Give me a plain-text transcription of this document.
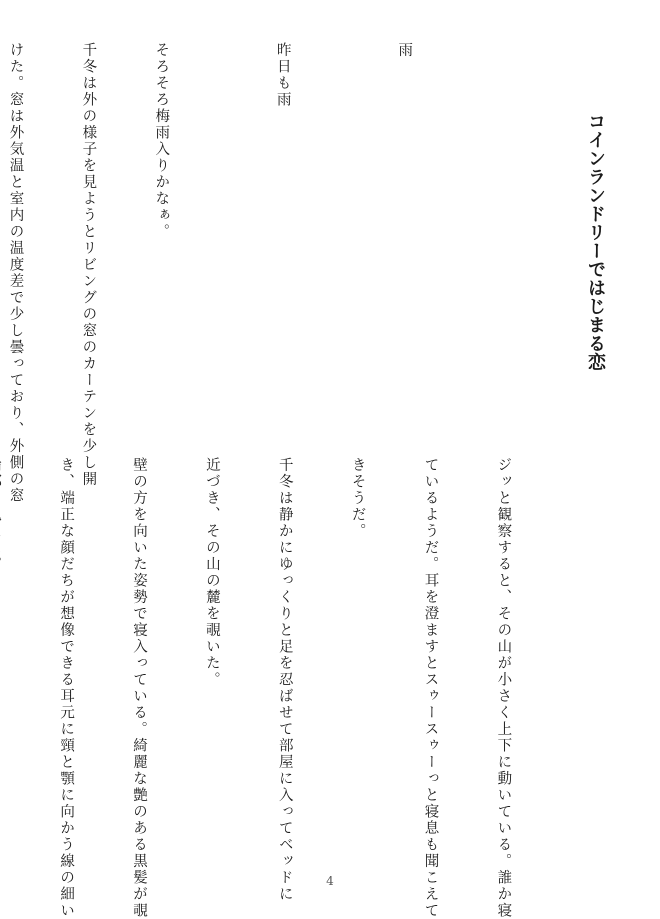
コインランドリーではじまる恋

雨

昨日も雨

そろそろ梅雨入りかなぁ。

千冬は外の様子を見ようとリビングの窓のカーテンを少し開

けた。窓は外気温と室内の温度差で少し曇っており、外側の窓

ジッと観察すると、その山が小さく上下に動いている。誰か寝

ているようだ。耳を澄ますとスゥースゥーっと寝息も聞こえて

きそうだ。

千冬は静かにゆっくりと足を忍ばせて部屋に入ってベッドに

近づき、その山の麓を覗いた。

壁の方を向いた姿勢で寝入っている。綺麗な艶のある黒髪が覗

き、端正な顔だちが想像できる耳元に頸と顎に向かう線の細い

	4
